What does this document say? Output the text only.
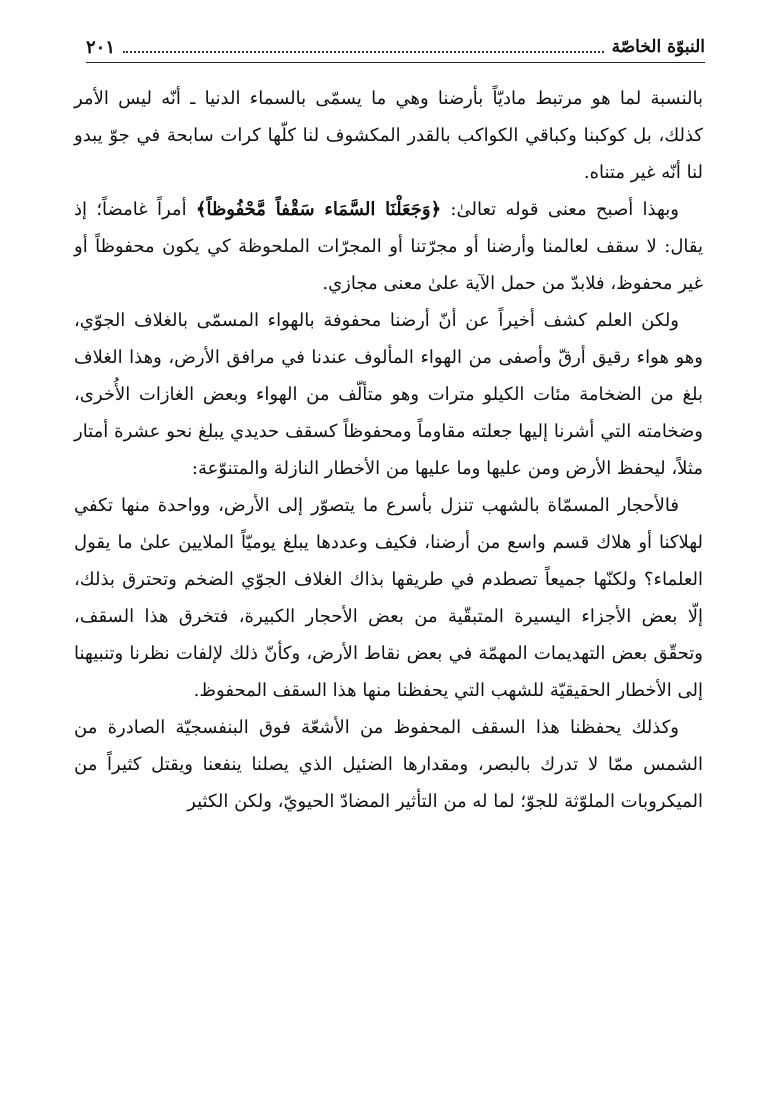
النبوّة الخاصّة
٢٠١

بالنسبة لما هو مرتبط ماديّاً بأرضنا وهي ما يسمّى بالسماء الدنيا ـ أنّه ليس الأمر كذلك، بل كوكبنا وكباقي الكواكب بالقدر المكشوف لنا كلّها كرات سابحة في جوّ يبدو لنا أنّه غير متناه.

وبهذا أصبح معنى قوله تعالىٰ: ﴿وَجَعَلْنَا السَّمَاء سَقْفاً مَّحْفُوظاً﴾ أمراً غامضاً؛ إذ يقال: لا سقف لعالمنا وأرضنا أو مجرّتنا أو المجرّات الملحوظة كي يكون محفوظاً أو غير محفوظ، فلابدّ من حمل الآية علىٰ معنى مجازي.

ولكن العلم كشف أخيراً عن أنّ أرضنا محفوفة بالهواء المسمّى بالغلاف الجوّي، وهو هواء رقيق أرقّ وأصفى من الهواء المألوف عندنا في مرافق الأرض، وهذا الغلاف بلغ من الضخامة مئات الكيلو مترات وهو متألّف من الهواء وبعض الغازات الأُخرى، وضخامته التي أشرنا إليها جعلته مقاوماً ومحفوظاً كسقف حديدي يبلغ نحو عشرة أمتار مثلاً، ليحفظ الأرض ومن عليها وما عليها من الأخطار النازلة والمتنوّعة:

فالأحجار المسمّاة بالشهب تنزل بأسرع ما يتصوّر إلى الأرض، وواحدة منها تكفي لهلاكنا أو هلاك قسم واسع من أرضنا، فكيف وعددها يبلغ يوميّاً الملايين علىٰ ما يقول العلماء؟ ولكنّها جميعاً تصطدم في طريقها بذاك الغلاف الجوّي الضخم وتحترق بذلك، إلّا بعض الأجزاء اليسيرة المتبقّية من بعض الأحجار الكبيرة، فتخرق هذا السقف، وتحقّق بعض التهديمات المهمّة في بعض نقاط الأرض، وكأنّ ذلك لإلفات نظرنا وتنبيهنا إلى الأخطار الحقيقيّة للشهب التي يحفظنا منها هذا السقف المحفوظ.

وكذلك يحفظنا هذا السقف المحفوظ من الأشعّة فوق البنفسجيّة الصادرة من الشمس ممّا لا تدرك بالبصر، ومقدارها الضئيل الذي يصلنا ينفعنا ويقتل كثيراً من الميكروبات الملوّثة للجوّ؛ لما له من التأثير المضادّ الحيويّ، ولكن الكثير
